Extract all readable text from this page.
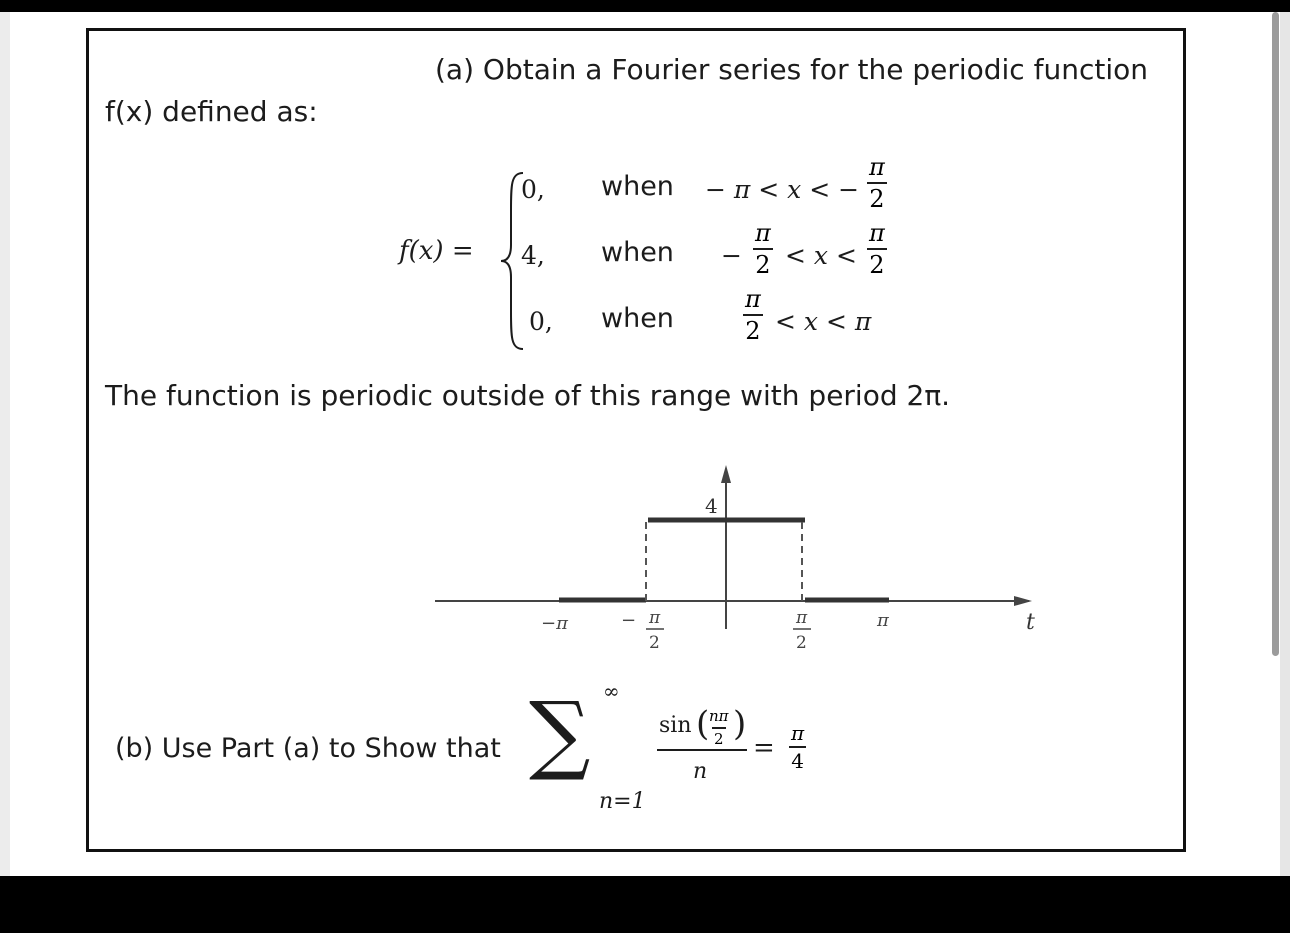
(a) Obtain a Fourier series for the periodic function
f(x) defined as:
f(x) =
0, when − π < x < − $\frac{\pi}{2}$
4, when − $\frac{\pi}{2} < x < \frac{\pi}{2}$
0, when	$\frac{\pi}{2} < x < \pi$
The function is periodic outside of this range with period 2π.
4
−π	− π
2
π
2
π	t
(b) Use Part (a) to Show that ∑ ∞
n=1
sin (
$\frac{n\pi}{2}$ )
n
= $\frac{\pi}{4}$
